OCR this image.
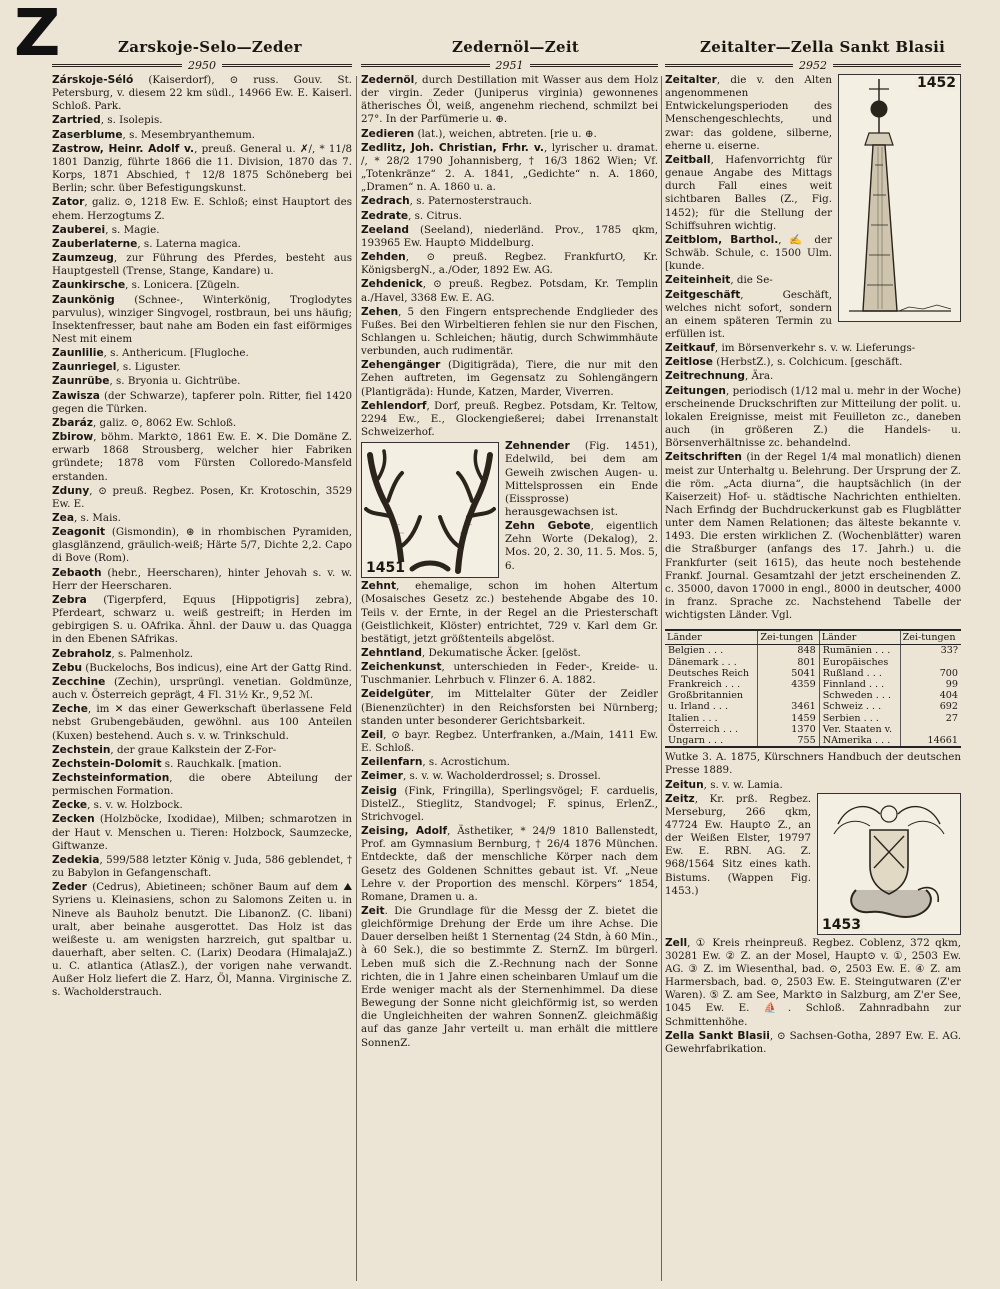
Z	Zarskoje-Selo—Zeder	Zedernöl—Zeit	Zeitalter—Zella Sankt Blasii
2950	2951	2952

Zárskoje-Séló (Kaiserdorf), ⊙ russ. Gouv. St. Petersburg, v. diesem 22 km südl., 14966 Ew. E. Kaiserl. Schloß. Park.

Zartried, s. Isolepis.

Zaserblume, s. Mesembryanthemum.

Zastrow, Heinr. Adolf v., preuß. General u. ✗/, * 11/8 1801 Danzig, führte 1866 die 11. Division, 1870 das 7. Korps, 1871 Abschied, † 12/8 1875 Schöneberg bei Berlin; schr. über Befestigungskunst.

Zator, galiz. ⊙, 1218 Ew. E. Schloß; einst Hauptort des ehem. Herzogtums Z.

Zauberei, s. Magie.

Zauberlaterne, s. Laterna magica.

Zaumzeug, zur Führung des Pferdes, besteht aus Hauptgestell (Trense, Stange, Kandare) u.

Zaunkirsche, s. Lonicera. [Zügeln.

Zaunkönig (Schnee-, Winterkönig, Troglodytes parvulus), winziger Singvogel, rostbraun, bei uns häufig; Insektenfresser, baut nahe am Boden ein fast eiförmiges Nest mit einem

Zaunlilie, s. Anthericum. [Flugloche.

Zaunriegel, s. Liguster.

Zaunrübe, s. Bryonia u. Gichtrübe.

Zawisza (der Schwarze), tapferer poln. Ritter, fiel 1420 gegen die Türken.

Zbaráz, galiz. ⊙, 8062 Ew. Schloß.

Zbirow, böhm. Markt⊙, 1861 Ew. E. ✕. Die Domäne Z. erwarb 1868 Strousberg, welcher hier Fabriken gründete; 1878 vom Fürsten Colloredo-Mansfeld erstanden.

Zduny, ⊙ preuß. Regbez. Posen, Kr. Krotoschin, 3529 Ew. E.

Zea, s. Mais.

Zeagonit (Gismondin), ⊛ in rhombischen Pyramiden, glasglänzend, gräulich-weiß; Härte 5/7, Dichte 2,2. Capo di Bove (Rom).

Zebaoth (hebr., Heerscharen), hinter Jehovah s. v. w. Herr der Heerscharen.

Zebra (Tigerpferd, Equus [Hippotigris] zebra), Pferdeart, schwarz u. weiß gestreift; in Herden im gebirgigen S. u. OAfrika. Ähnl. der Dauw u. das Quagga in den Ebenen SAfrikas.

Zebraholz, s. Palmenholz.

Zebu (Buckelochs, Bos indicus), eine Art der Gattg Rind.

Zecchine (Zechin), ursprüngl. venetian. Goldmünze, auch v. Österreich geprägt, 4 Fl. 31½ Kr., 9,52 ℳ.

Zeche, im ✕ das einer Gewerkschaft überlassene Feld nebst Grubengebäuden, gewöhnl. aus 100 Anteilen (Kuxen) bestehend. Auch s. v. w. Trinkschuld.

Zechstein, der graue Kalkstein der Z-For-

Zechstein-Dolomit s. Rauchkalk. [mation.

Zechsteinformation, die obere Abteilung der permischen Formation.

Zecke, s. v. w. Holzbock.

Zecken (Holzböcke, Ixodidae), Milben; schmarotzen in der Haut v. Menschen u. Tieren: Holzbock, Saumzecke, Giftwanze.

Zedekia, 599/588 letzter König v. Juda, 586 geblendet, † zu Babylon in Gefangenschaft.

Zeder (Cedrus), Abietineen; schöner Baum auf dem ⛰ Syriens u. Kleinasiens, schon zu Salomons Zeiten u. in Nineve als Bauholz benutzt. Die LibanonZ. (C. libani) uralt, aber beinahe ausgerottet. Das Holz ist das weißeste u. am wenigsten harzreich, gut spaltbar u. dauerhaft, aber selten. C. (Larix) Deodara (HimalajaZ.) u. C. atlantica (AtlasZ.), der vorigen nahe verwandt. Außer Holz liefert die Z. Harz, Öl, Manna. Virginische Z. s. Wacholderstrauch.

Zedernöl, durch Destillation mit Wasser aus dem Holz der virgin. Zeder (Juniperus virginia) gewonnenes ätherisches Öl, weiß, angenehm riechend, schmilzt bei 27°. In der Parfümerie u. ⊕.

Zedieren (lat.), weichen, abtreten. [rie u. ⊕.

Zedlitz, Joh. Christian, Frhr. v., lyrischer u. dramat. /, * 28/2 1790 Johannisberg, † 16/3 1862 Wien; Vf. „Totenkränze“ 2. A. 1841, „Gedichte“ n. A. 1860, „Dramen“ n. A. 1860 u. a.

Zedrach, s. Paternosterstrauch.

Zedrate, s. Citrus.

Zeeland (Seeland), niederländ. Prov., 1785 qkm, 193965 Ew. Haupt⊙ Middelburg.

Zehden, ⊙ preuß. Regbez. FrankfurtO, Kr. KönigsbergN., a./Oder, 1892 Ew. AG.

Zehdenick, ⊙ preuß. Regbez. Potsdam, Kr. Templin a./Havel, 3368 Ew. E. AG.

Zehen, 5 den Fingern entsprechende Endglieder des Fußes. Bei den Wirbeltieren fehlen sie nur den Fischen, Schlangen u. Schleichen; häutig, durch Schwimmhäute verbunden, auch rudimentär.

Zehengänger (Digitigräda), Tiere, die nur mit den Zehen auftreten, im Gegensatz zu Sohlengängern (Plantigräda): Hunde, Katzen, Marder, Viverren.

Zehlendorf, Dorf, preuß. Regbez. Potsdam, Kr. Teltow, 2294 Ew., E., Glockengießerei; dabei Irrenanstalt Schweizerhof.

1451

Zehnender (Fig. 1451), Edelwild, bei dem am Geweih zwischen Augen- u. Mittelsprossen ein Ende (Eissprosse) herausgewachsen ist.

Zehn Gebote, eigentlich Zehn Worte (Dekalog), 2. Mos. 20, 2. 30, 11. 5. Mos. 5, 6.

Zehnt, ehemalige, schon im hohen Altertum (Mosaisches Gesetz zc.) bestehende Abgabe des 10. Teils v. der Ernte, in der Regel an die Priesterschaft (Geistlichkeit, Klöster) entrichtet, 729 v. Karl dem Gr. bestätigt, jetzt größtenteils abgelöst.

Zehntland, Dekumatische Äcker. [gelöst.

Zeichenkunst, unterschieden in Feder-, Kreide- u. Tuschmanier. Lehrbuch v. Flinzer 6. A. 1882.

Zeidelgüter, im Mittelalter Güter der Zeidler (Bienenzüchter) in den Reichsforsten bei Nürnberg; standen unter besonderer Gerichtsbarkeit.

Zeil, ⊙ bayr. Regbez. Unterfranken, a./Main, 1411 Ew. E. Schloß.

Zeilenfarn, s. Acrostichum.

Zeimer, s. v. w. Wacholderdrossel; s. Drossel.

Zeisig (Fink, Fringilla), Sperlingsvögel; F. carduelis, DistelZ., Stieglitz, Standvogel; F. spinus, ErlenZ., Strichvogel.

Zeising, Adolf, Ästhetiker, * 24/9 1810 Ballenstedt, Prof. am Gymnasium Bernburg, † 26/4 1876 München. Entdeckte, daß der menschliche Körper nach dem Gesetz des Goldenen Schnittes gebaut ist. Vf. „Neue Lehre v. der Proportion des menschl. Körpers“ 1854, Romane, Dramen u. a.

Zeit. Die Grundlage für die Messg der Z. bietet die gleichförmige Drehung der Erde um ihre Achse. Die Dauer derselben heißt 1 Sternentag (24 Stdn, à 60 Min., à 60 Sek.), die so bestimmte Z. SternZ. Im bürgerl. Leben muß sich die Z.-Rechnung nach der Sonne richten, die in 1 Jahre einen scheinbaren Umlauf um die Erde weniger macht als der Sternenhimmel. Da diese Bewegung der Sonne nicht gleichförmig ist, so werden die Ungleichheiten der wahren SonnenZ. gleichmäßig auf das ganze Jahr verteilt u. man erhält die mittlere SonnenZ.

1452

Zeitalter, die v. den Alten angenommenen Entwickelungsperioden des Menschengeschlechts, und zwar: das goldene, silberne, eherne u. eiserne.

Zeitball, Hafenvorrichtg für genaue Angabe des Mittags durch Fall eines weit sichtbaren Balles (Z., Fig. 1452); für die Stellung der Schiffsuhren wichtig.

Zeitblom, Barthol., ✍ der Schwäb. Schule, c. 1500 Ulm. [kunde.

Zeiteinheit, die Se-

Zeitgeschäft, Geschäft, welches nicht sofort, sondern an einem späteren Termin zu erfüllen ist.

Zeitkauf, im Börsenverkehr s. v. w. Lieferungs-

Zeitlose (HerbstZ.), s. Colchicum. [geschäft.

Zeitrechnung, Ära.

Zeitungen, periodisch (1/12 mal u. mehr in der Woche) erscheinende Druckschriften zur Mitteilung der polit. u. lokalen Ereignisse, meist mit Feuilleton zc., daneben auch (in größeren Z.) die Handels- u. Börsenverhältnisse zc. behandelnd.

Zeitschriften (in der Regel 1/4 mal monatlich) dienen meist zur Unterhaltg u. Belehrung. Der Ursprung der Z. die röm. „Acta diurna“, die hauptsächlich (in der Kaiserzeit) Hof- u. städtische Nachrichten enthielten. Nach Erfindg der Buchdruckerkunst gab es Flugblätter unter dem Namen Relationen; das älteste bekannte v. 1493. Die ersten wirklichen Z. (Wochenblätter) waren die Straßburger (anfangs des 17. Jahrh.) u. die Frankfurter (seit 1615), das heute noch bestehende Frankf. Journal. Gesamtzahl der jetzt erscheinenden Z. c. 35000, davon 17000 in engl., 8000 in deutscher, 4000 in franz. Sprache zc. Nachstehend Tabelle der wichtigsten Länder. Vgl.

Länder	Zei-tungen	Länder	Zei-tungen
Belgien . . .	848	Rumänien . . .	33?
Dänemark . . .	801	Europäisches	
Deutsches Reich	5041	Rußland . . .	700
Frankreich . . .	4359	Finnland . . .	99
Großbritannien		Schweden . . .	404
u. Irland . . .	3461	Schweiz . . .	692
Italien . . .	1459	Serbien . . .	27
Österreich . . .	1370	Ver. Staaten v.	
Ungarn . . .	755	NAmerika . . .	14661

Wutke 3. A. 1875, Kürschners Handbuch der deutschen Presse 1889.

Zeitun, s. v. w. Lamia.

1453

Zeitz, Kr. prß. Regbez. Merseburg, 266 qkm, 47724 Ew. Haupt⊙ Z., an der Weißen Elster, 19797 Ew. E. RBN. AG. Z. 968/1564 Sitz eines kath. Bistums. (Wappen Fig. 1453.)

Zell, ① Kreis rheinpreuß. Regbez. Coblenz, 372 qkm, 30281 Ew. ② Z. an der Mosel, Haupt⊙ v. ①, 2503 Ew. AG. ③ Z. im Wiesenthal, bad. ⊙, 2503 Ew. E. ④ Z. am Harmersbach, bad. ⊙, 2503 Ew. E. Steingutwaren (Z'er Waren). ⑤ Z. am See, Markt⊙ in Salzburg, am Z'er See, 1045 Ew. E. ⛵. Schloß. Zahnradbahn zur Schmittenhöhe.

Zella Sankt Blasii, ⊙ Sachsen-Gotha, 2897 Ew. E. AG. Gewehrfabrikation.
